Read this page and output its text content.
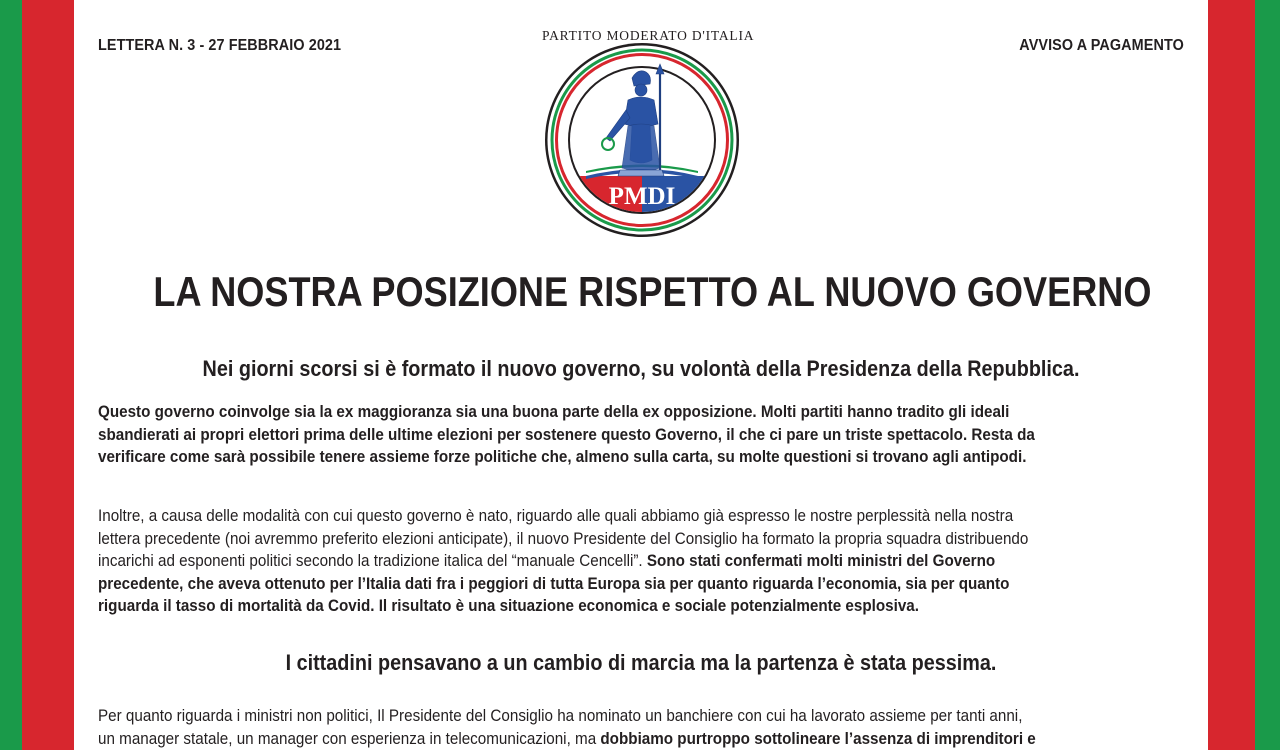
LETTERA N. 3 - 27 FEBBRAIO 2021	AVVISO A PAGAMENTO
PARTITO MODERATO D'ITALIA
PMDI
LA NOSTRA POSIZIONE RISPETTO AL NUOVO GOVERNO
Nei giorni scorsi si è formato il nuovo governo, su volontà della Presidenza della Repubblica.
Questo governo coinvolge sia la ex maggioranza sia una buona parte della ex opposizione. Molti partiti hanno tradito gli ideali
sbandierati ai propri elettori prima delle ultime elezioni per sostenere questo Governo, il che ci pare un triste spettacolo. Resta da
verificare come sarà possibile tenere assieme forze politiche che, almeno sulla carta, su molte questioni si trovano agli antipodi.
Inoltre, a causa delle modalità con cui questo governo è nato, riguardo alle quali abbiamo già espresso le nostre perplessità nella nostra
lettera precedente (noi avremmo preferito elezioni anticipate), il nuovo Presidente del Consiglio ha formato la propria squadra distribuendo
incarichi ad esponenti politici secondo la tradizione italica del “manuale Cencelli”. Sono stati confermati molti ministri del Governo
precedente, che aveva ottenuto per l’Italia dati fra i peggiori di tutta Europa sia per quanto riguarda l’economia, sia per quanto
riguarda il tasso di mortalità da Covid. Il risultato è una situazione economica e sociale potenzialmente esplosiva.
I cittadini pensavano a un cambio di marcia ma la partenza è stata pessima.
Per quanto riguarda i ministri non politici, Il Presidente del Consiglio ha nominato un banchiere con cui ha lavorato assieme per tanti anni,
un manager statale, un manager con esperienza in telecomunicazioni, ma dobbiamo purtroppo sottolineare l’assenza di imprenditori e
